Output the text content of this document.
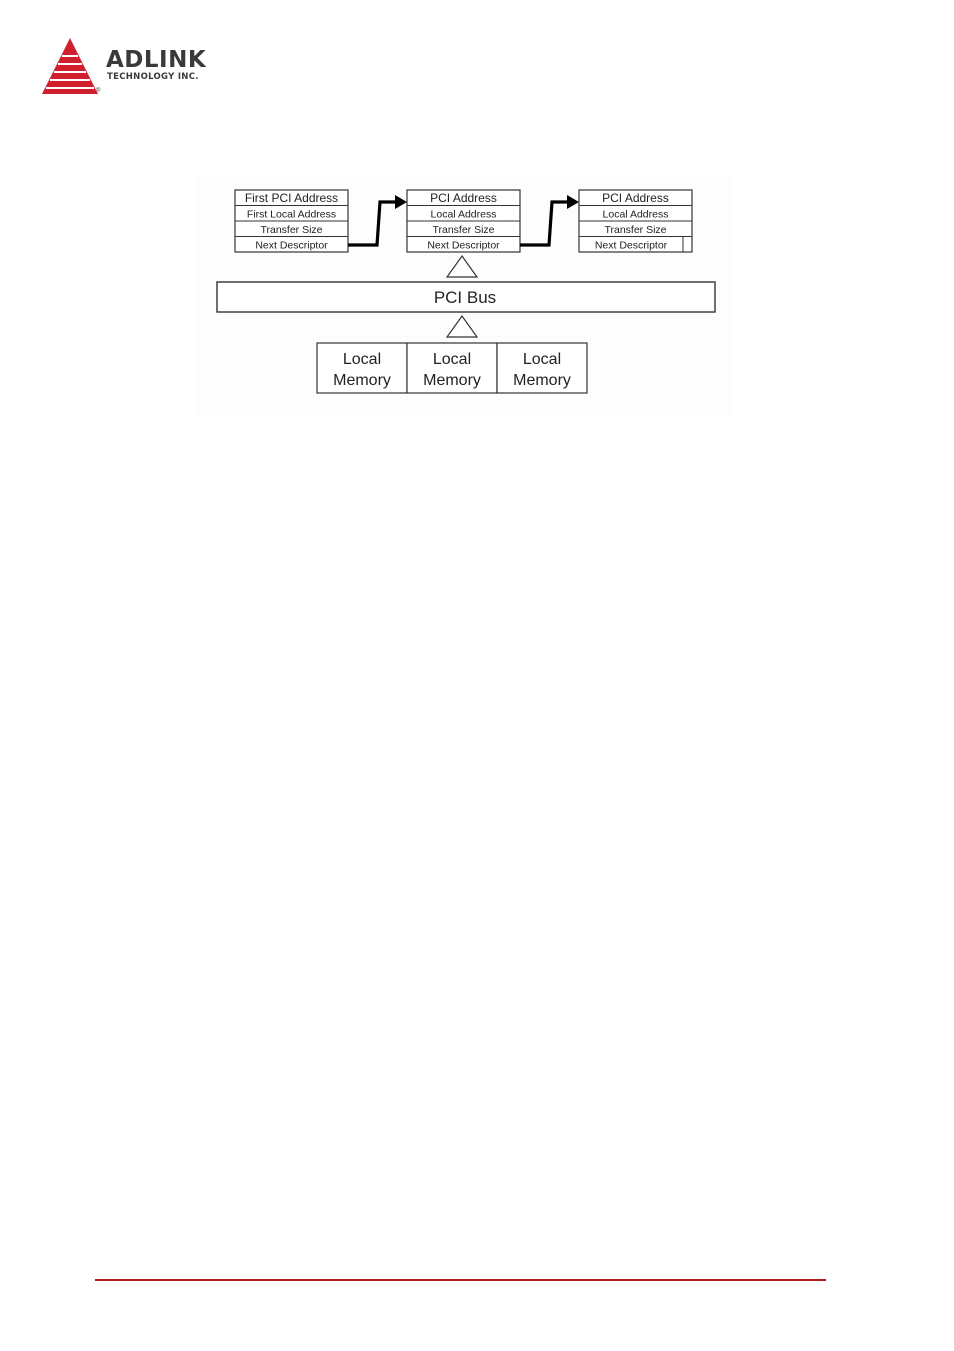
ADLINK
TECHNOLOGY INC.
®
First PCI Address
First Local Address
Transfer Size
Next Descriptor
PCI Address
Local Address
Transfer Size
Next Descriptor
PCI Address
Local Address
Transfer Size
Next Descriptor
PCI Bus
Local
Memory
Local
Memory
Local
Memory
